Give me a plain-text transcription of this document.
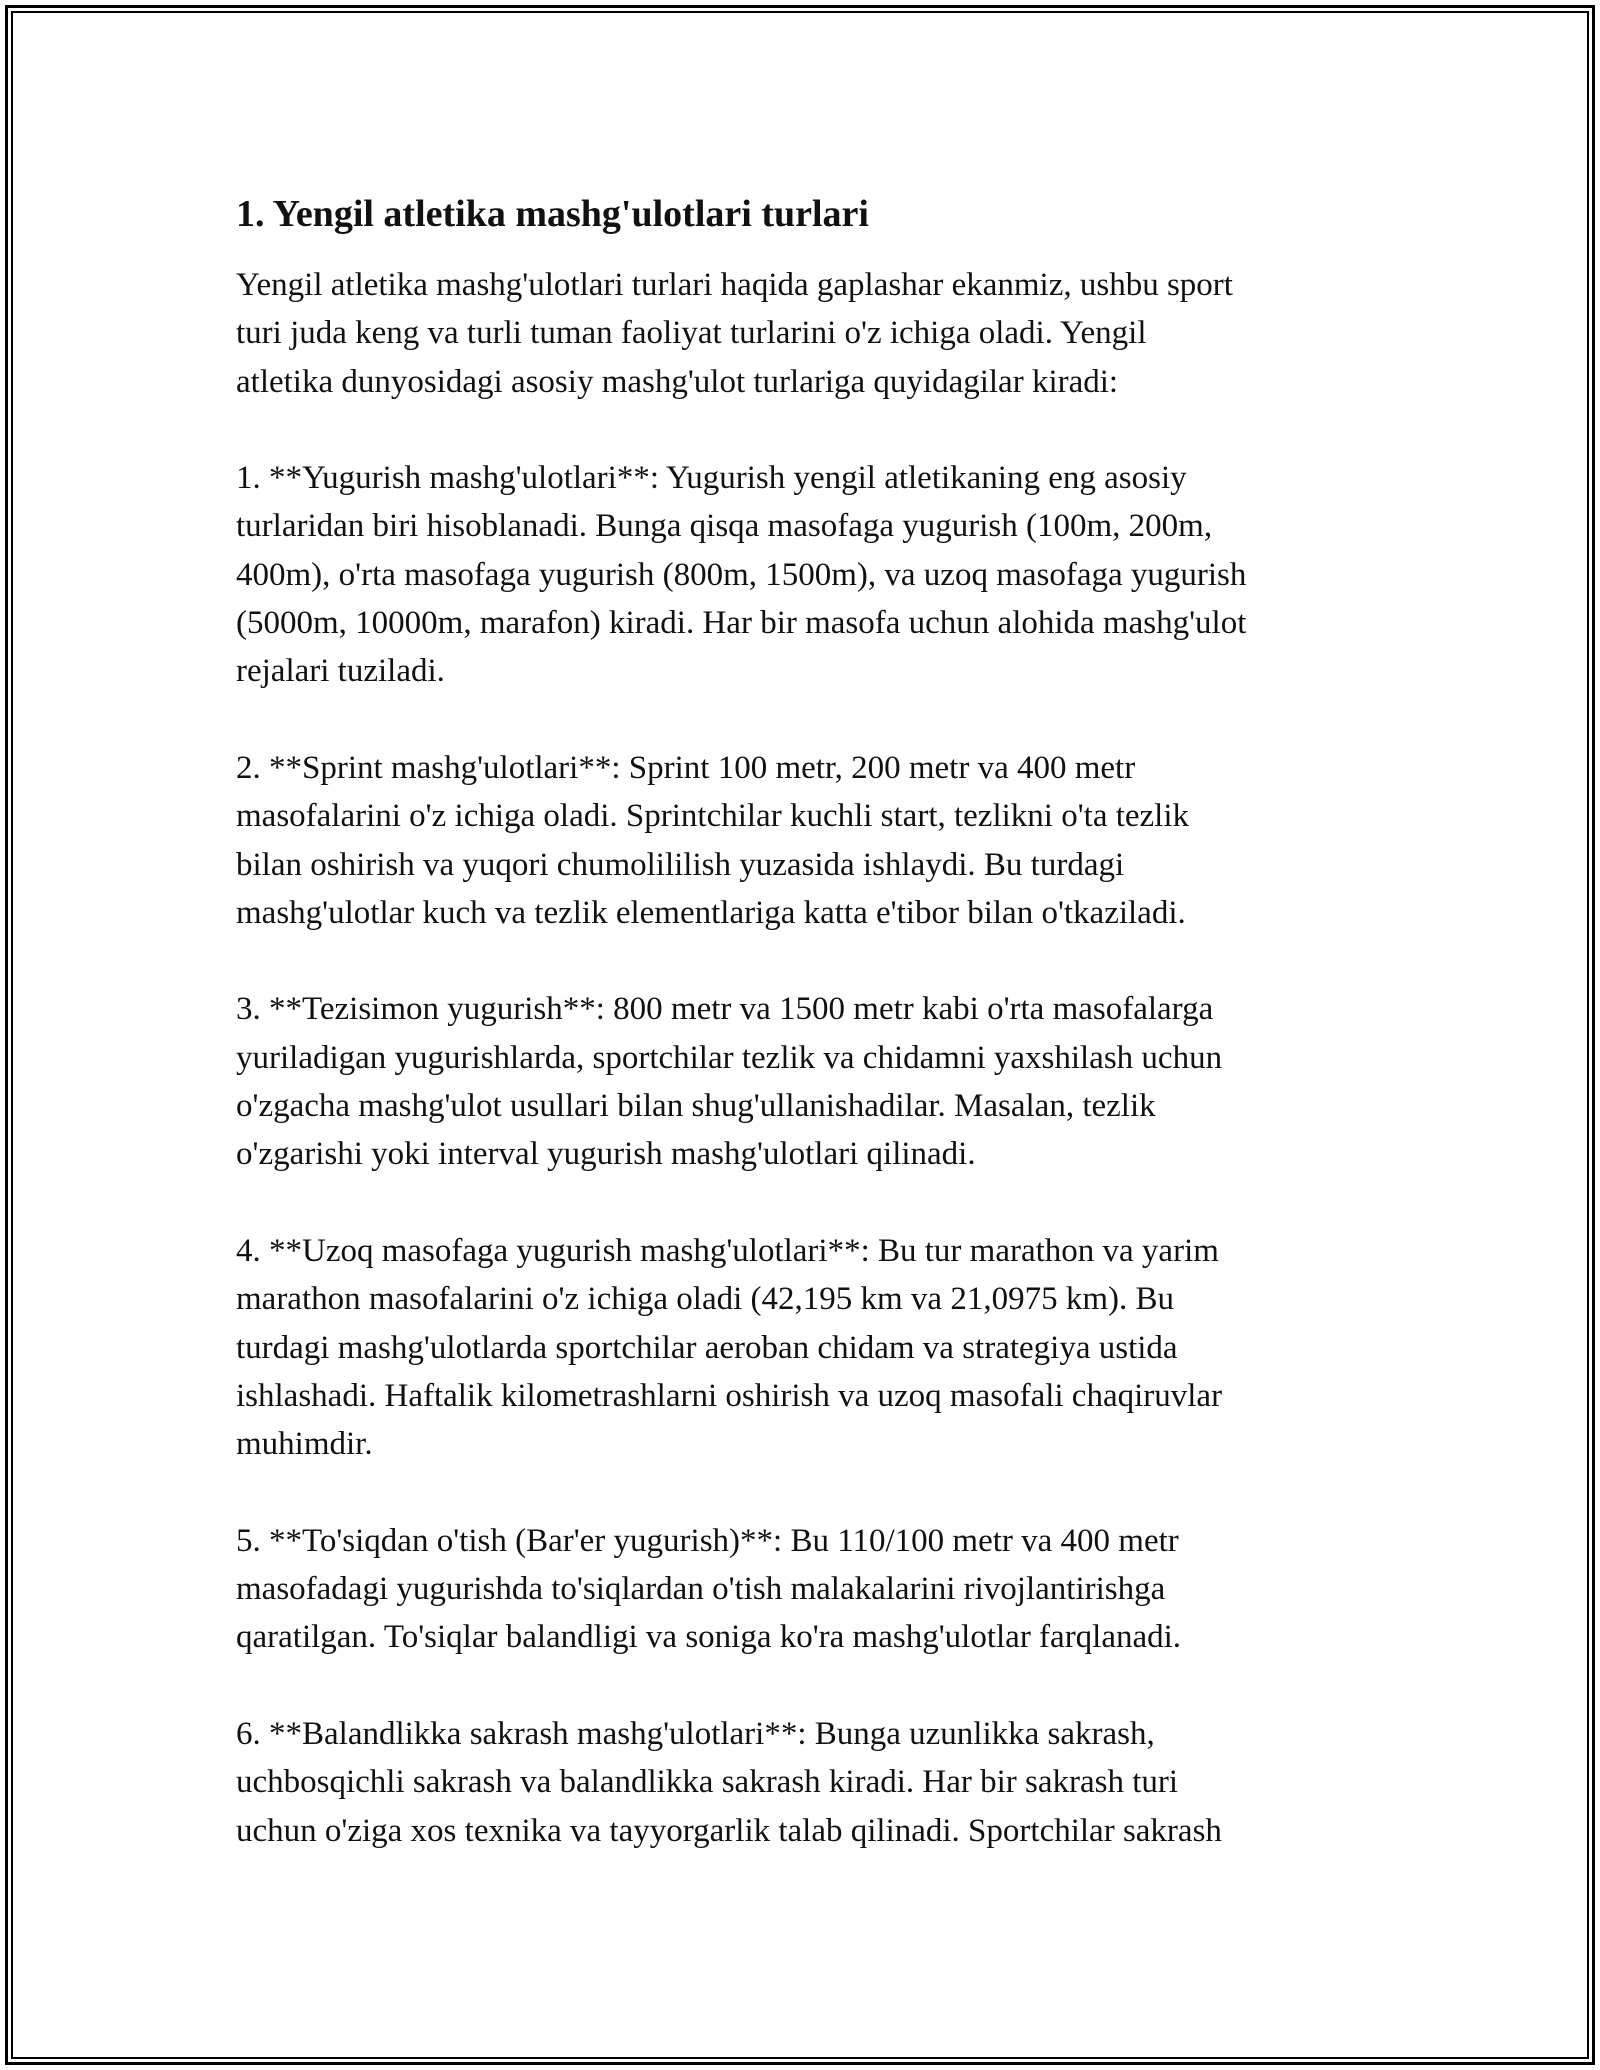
1. Yengil atletika mashg'ulotlari turlari

Yengil atletika mashg'ulotlari turlari haqida gaplashar ekanmiz, ushbu sport
turi juda keng va turli tuman faoliyat turlarini o'z ichiga oladi. Yengil
atletika dunyosidagi asosiy mashg'ulot turlariga quyidagilar kiradi:

1. **Yugurish mashg'ulotlari**: Yugurish yengil atletikaning eng asosiy
turlaridan biri hisoblanadi. Bunga qisqa masofaga yugurish (100m, 200m,
400m), o'rta masofaga yugurish (800m, 1500m), va uzoq masofaga yugurish
(5000m, 10000m, marafon) kiradi. Har bir masofa uchun alohida mashg'ulot
rejalari tuziladi.

2. **Sprint mashg'ulotlari**: Sprint 100 metr, 200 metr va 400 metr
masofalarini o'z ichiga oladi. Sprintchilar kuchli start, tezlikni o'ta tezlik
bilan oshirish va yuqori chumolililish yuzasida ishlaydi. Bu turdagi
mashg'ulotlar kuch va tezlik elementlariga katta e'tibor bilan o'tkaziladi.

3. **Tezisimon yugurish**: 800 metr va 1500 metr kabi o'rta masofalarga
yuriladigan yugurishlarda, sportchilar tezlik va chidamni yaxshilash uchun
o'zgacha mashg'ulot usullari bilan shug'ullanishadilar. Masalan, tezlik
o'zgarishi yoki interval yugurish mashg'ulotlari qilinadi.

4. **Uzoq masofaga yugurish mashg'ulotlari**: Bu tur marathon va yarim
marathon masofalarini o'z ichiga oladi (42,195 km va 21,0975 km). Bu
turdagi mashg'ulotlarda sportchilar aeroban chidam va strategiya ustida
ishlashadi. Haftalik kilometrashlarni oshirish va uzoq masofali chaqiruvlar
muhimdir.

5. **To'siqdan o'tish (Bar'er yugurish)**: Bu 110/100 metr va 400 metr
masofadagi yugurishda to'siqlardan o'tish malakalarini rivojlantirishga
qaratilgan. To'siqlar balandligi va soniga ko'ra mashg'ulotlar farqlanadi.

6. **Balandlikka sakrash mashg'ulotlari**: Bunga uzunlikka sakrash,
uchbosqichli sakrash va balandlikka sakrash kiradi. Har bir sakrash turi
uchun o'ziga xos texnika va tayyorgarlik talab qilinadi. Sportchilar sakrash
